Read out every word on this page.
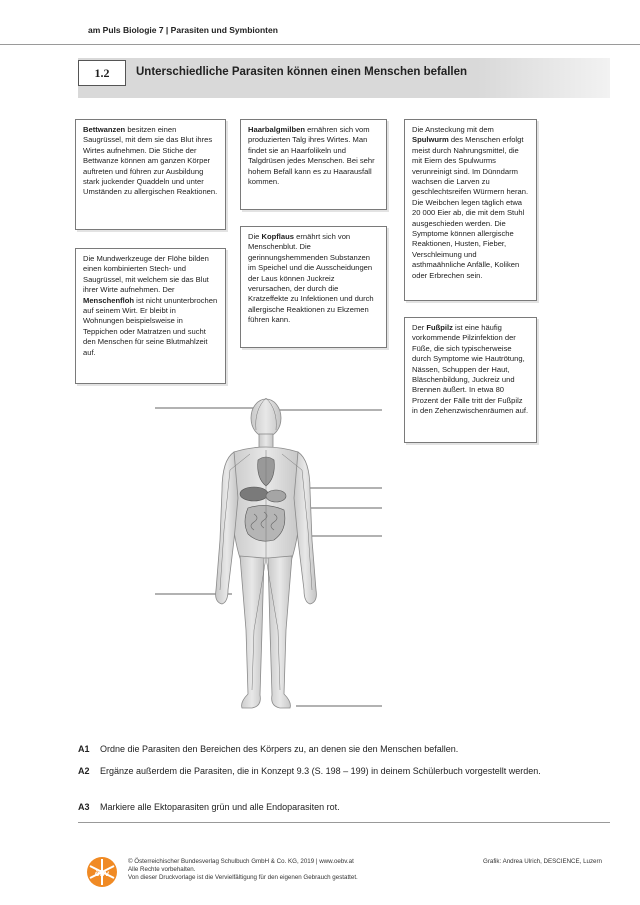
am Puls Biologie 7 | Parasiten und Symbionten
1.2	Unterschiedliche Parasiten können einen Menschen befallen

Bettwanzen besitzen einen Saugrüssel, mit dem sie das Blut ihres Wirtes aufnehmen. Die Stiche der Bettwanze können am ganzen Körper auftreten und führen zur Ausbildung stark juckender Quaddeln und unter Umständen zu allergischen Reaktionen.

Haarbalgmilben ernähren sich vom produzierten Talg ihres Wirtes. Man findet sie an Haarfolikeln und Talgdrüsen jedes Menschen. Bei sehr hohem Befall kann es zu Haarausfall kommen.

Die Ansteckung mit dem Spulwurm des Menschen erfolgt meist durch Nahrungsmittel, die mit Eiern des Spulwurms verunreinigt sind. Im Dünndarm wachsen die Larven zu geschlechtsreifen Würmern heran. Die Weibchen legen täglich etwa 20 000 Eier ab, die mit dem Stuhl ausgeschieden werden. Die Symptome können allergische Reaktionen, Husten, Fieber, Verschleimung und asthmaähnliche Anfälle, Koliken oder Erbrechen sein.

Die Mundwerkzeuge der Flöhe bilden einen kombinierten Stech- und Saugrüssel, mit welchem sie das Blut ihrer Wirte aufnehmen. Der Menschenfloh ist nicht ununterbrochen auf seinem Wirt. Er bleibt in Wohnungen beispielsweise in Teppichen oder Matratzen und sucht den Menschen für seine Blutmahlzeit auf.

Die Kopflaus ernährt sich von Menschenblut. Die gerinnungshemmenden Substanzen im Speichel und die Ausscheidungen der Laus können Juckreiz verursachen, der durch die Kratzeffekte zu Infektionen und durch allergische Reaktionen zu Ekzemen führen kann.

Der Fußpilz ist eine häufig vorkommende Pilzinfektion der Füße, die sich typischerweise durch Symptome wie Hautrötung, Nässen, Schuppen der Haut, Bläschenbildung, Juckreiz und Brennen äußert. In etwa 80 Prozent der Fälle tritt der Fußpilz in den Zehenzwischenräumen auf.

A1 Ordne die Parasiten den Bereichen des Körpers zu, an denen sie den Menschen befallen.
A2 Ergänze außerdem die Parasiten, die in Konzept 9.3 (S. 198 – 199) in deinem Schülerbuch vorgestellt werden.
A3 Markiere alle Ektoparasiten grün und alle Endoparasiten rot.
öbv
© Österreichischer Bundesverlag Schulbuch GmbH & Co. KG, 2019 | www.oebv.at
Alle Rechte vorbehalten.
Von dieser Druckvorlage ist die Vervielfältigung für den eigenen Gebrauch gestattet.
Grafik: Andrea Ulrich, DESCIENCE, Luzern
